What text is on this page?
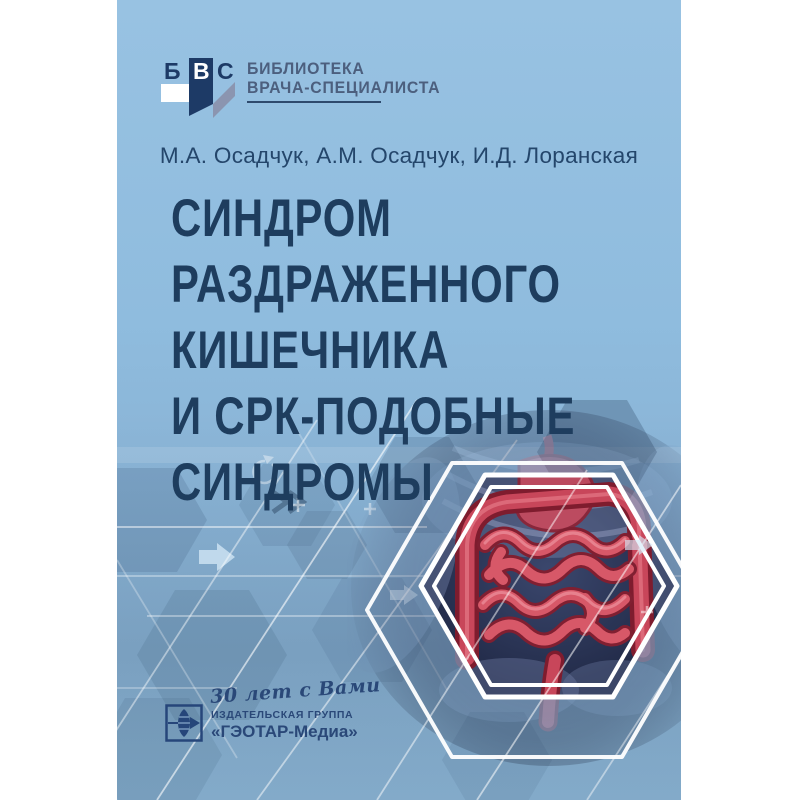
Б В С БИБЛИОТЕКА
ВРАЧА-СПЕЦИАЛИСТА
М.А. Осадчук, А.М. Осадчук, И.Д. Лоранская
СИНДРОМ
РАЗДРАЖЕННОГО
КИШЕЧНИКА
И СРК-ПОДОБНЫЕ
СИНДРОМЫ
30 лет с Вами
ИЗДАТЕЛЬСКАЯ ГРУППА
«ГЭОТАР-Медиа»
